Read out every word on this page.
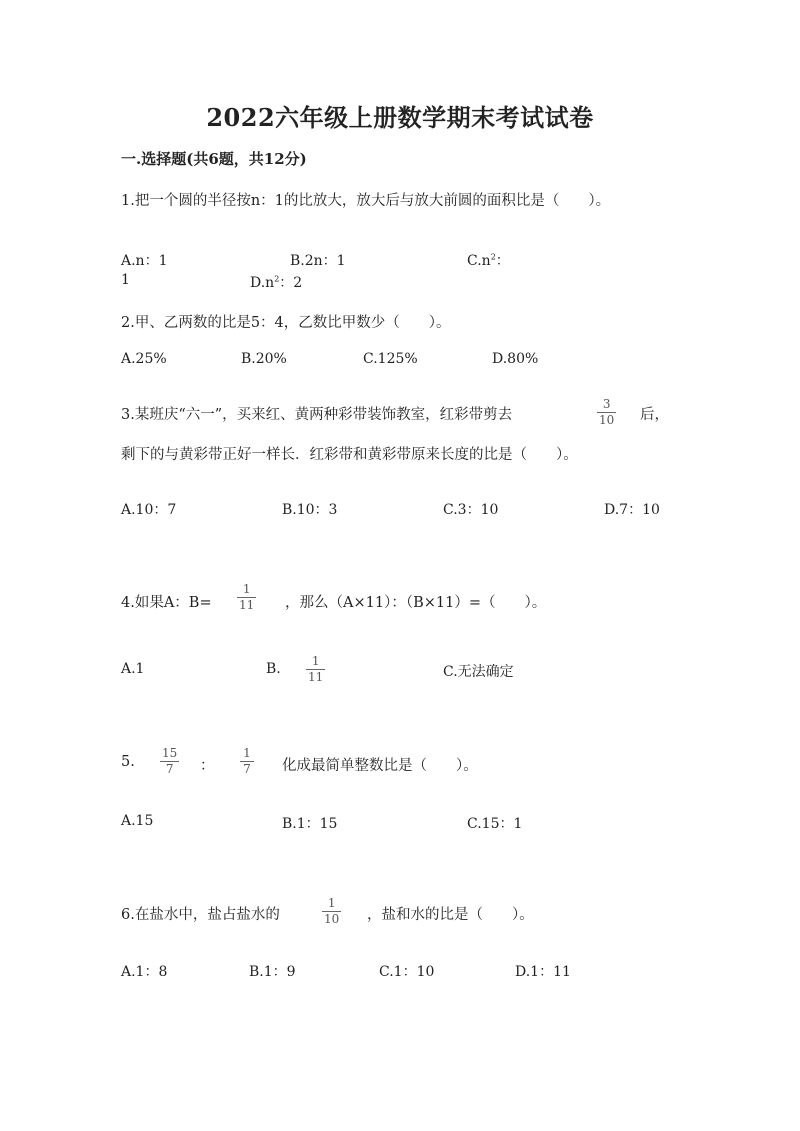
2022六年级上册数学期末考试试卷
一.选择题(共6题，共12分)
1.把一个圆的半径按n：1的比放大，放大后与放大前圆的面积比是（　　）。
A.n：1	B.2n：1	$C.n^2$：
1	$D.n^2$：2
2.甲、乙两数的比是5：4，乙数比甲数少（　　）。
A.25%	B.20%	C.125%	D.80%
3.某班庆“六一”，买来红、黄两种彩带装饰教室，红彩带剪去
3
10 后，
剩下的与黄彩带正好一样长．红彩带和黄彩带原来长度的比是（　　）。
A.10：7	B.10：3	C.3：10	D.7：10
4.如果A：B=
1
11 ，那么（A×11）：（B×11）=（　　）。
A.1	B.	1
11	C.无法确定
5.
15
7 ：
1
7 化成最简单整数比是（　　）。
A.15	B.1：15	C.15：1
6.在盐水中，盐占盐水的
1
10 ，盐和水的比是（　　）。
A.1：8	B.1：9	C.1：10	D.1：11
